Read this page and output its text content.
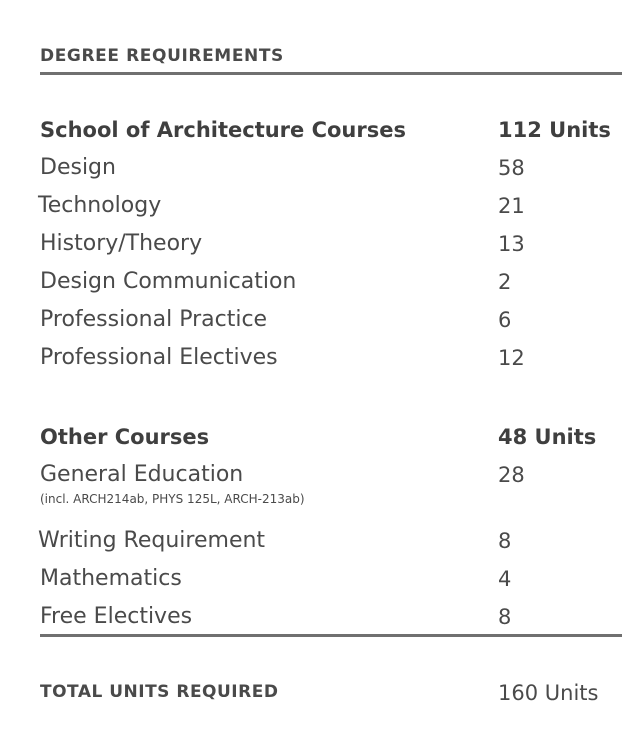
DEGREE REQUIREMENTS
School of Architecture Courses	112 Units
Design	58
Technology	21
History/Theory	13
Design Communication	2
Professional Practice	6
Professional Electives	12
Other Courses	48 Units
General Education	28
(incl. ARCH214ab, PHYS 125L, ARCH-213ab)
Writing Requirement	8
Mathematics	4
Free Electives	8
TOTAL UNITS REQUIRED	160 Units
